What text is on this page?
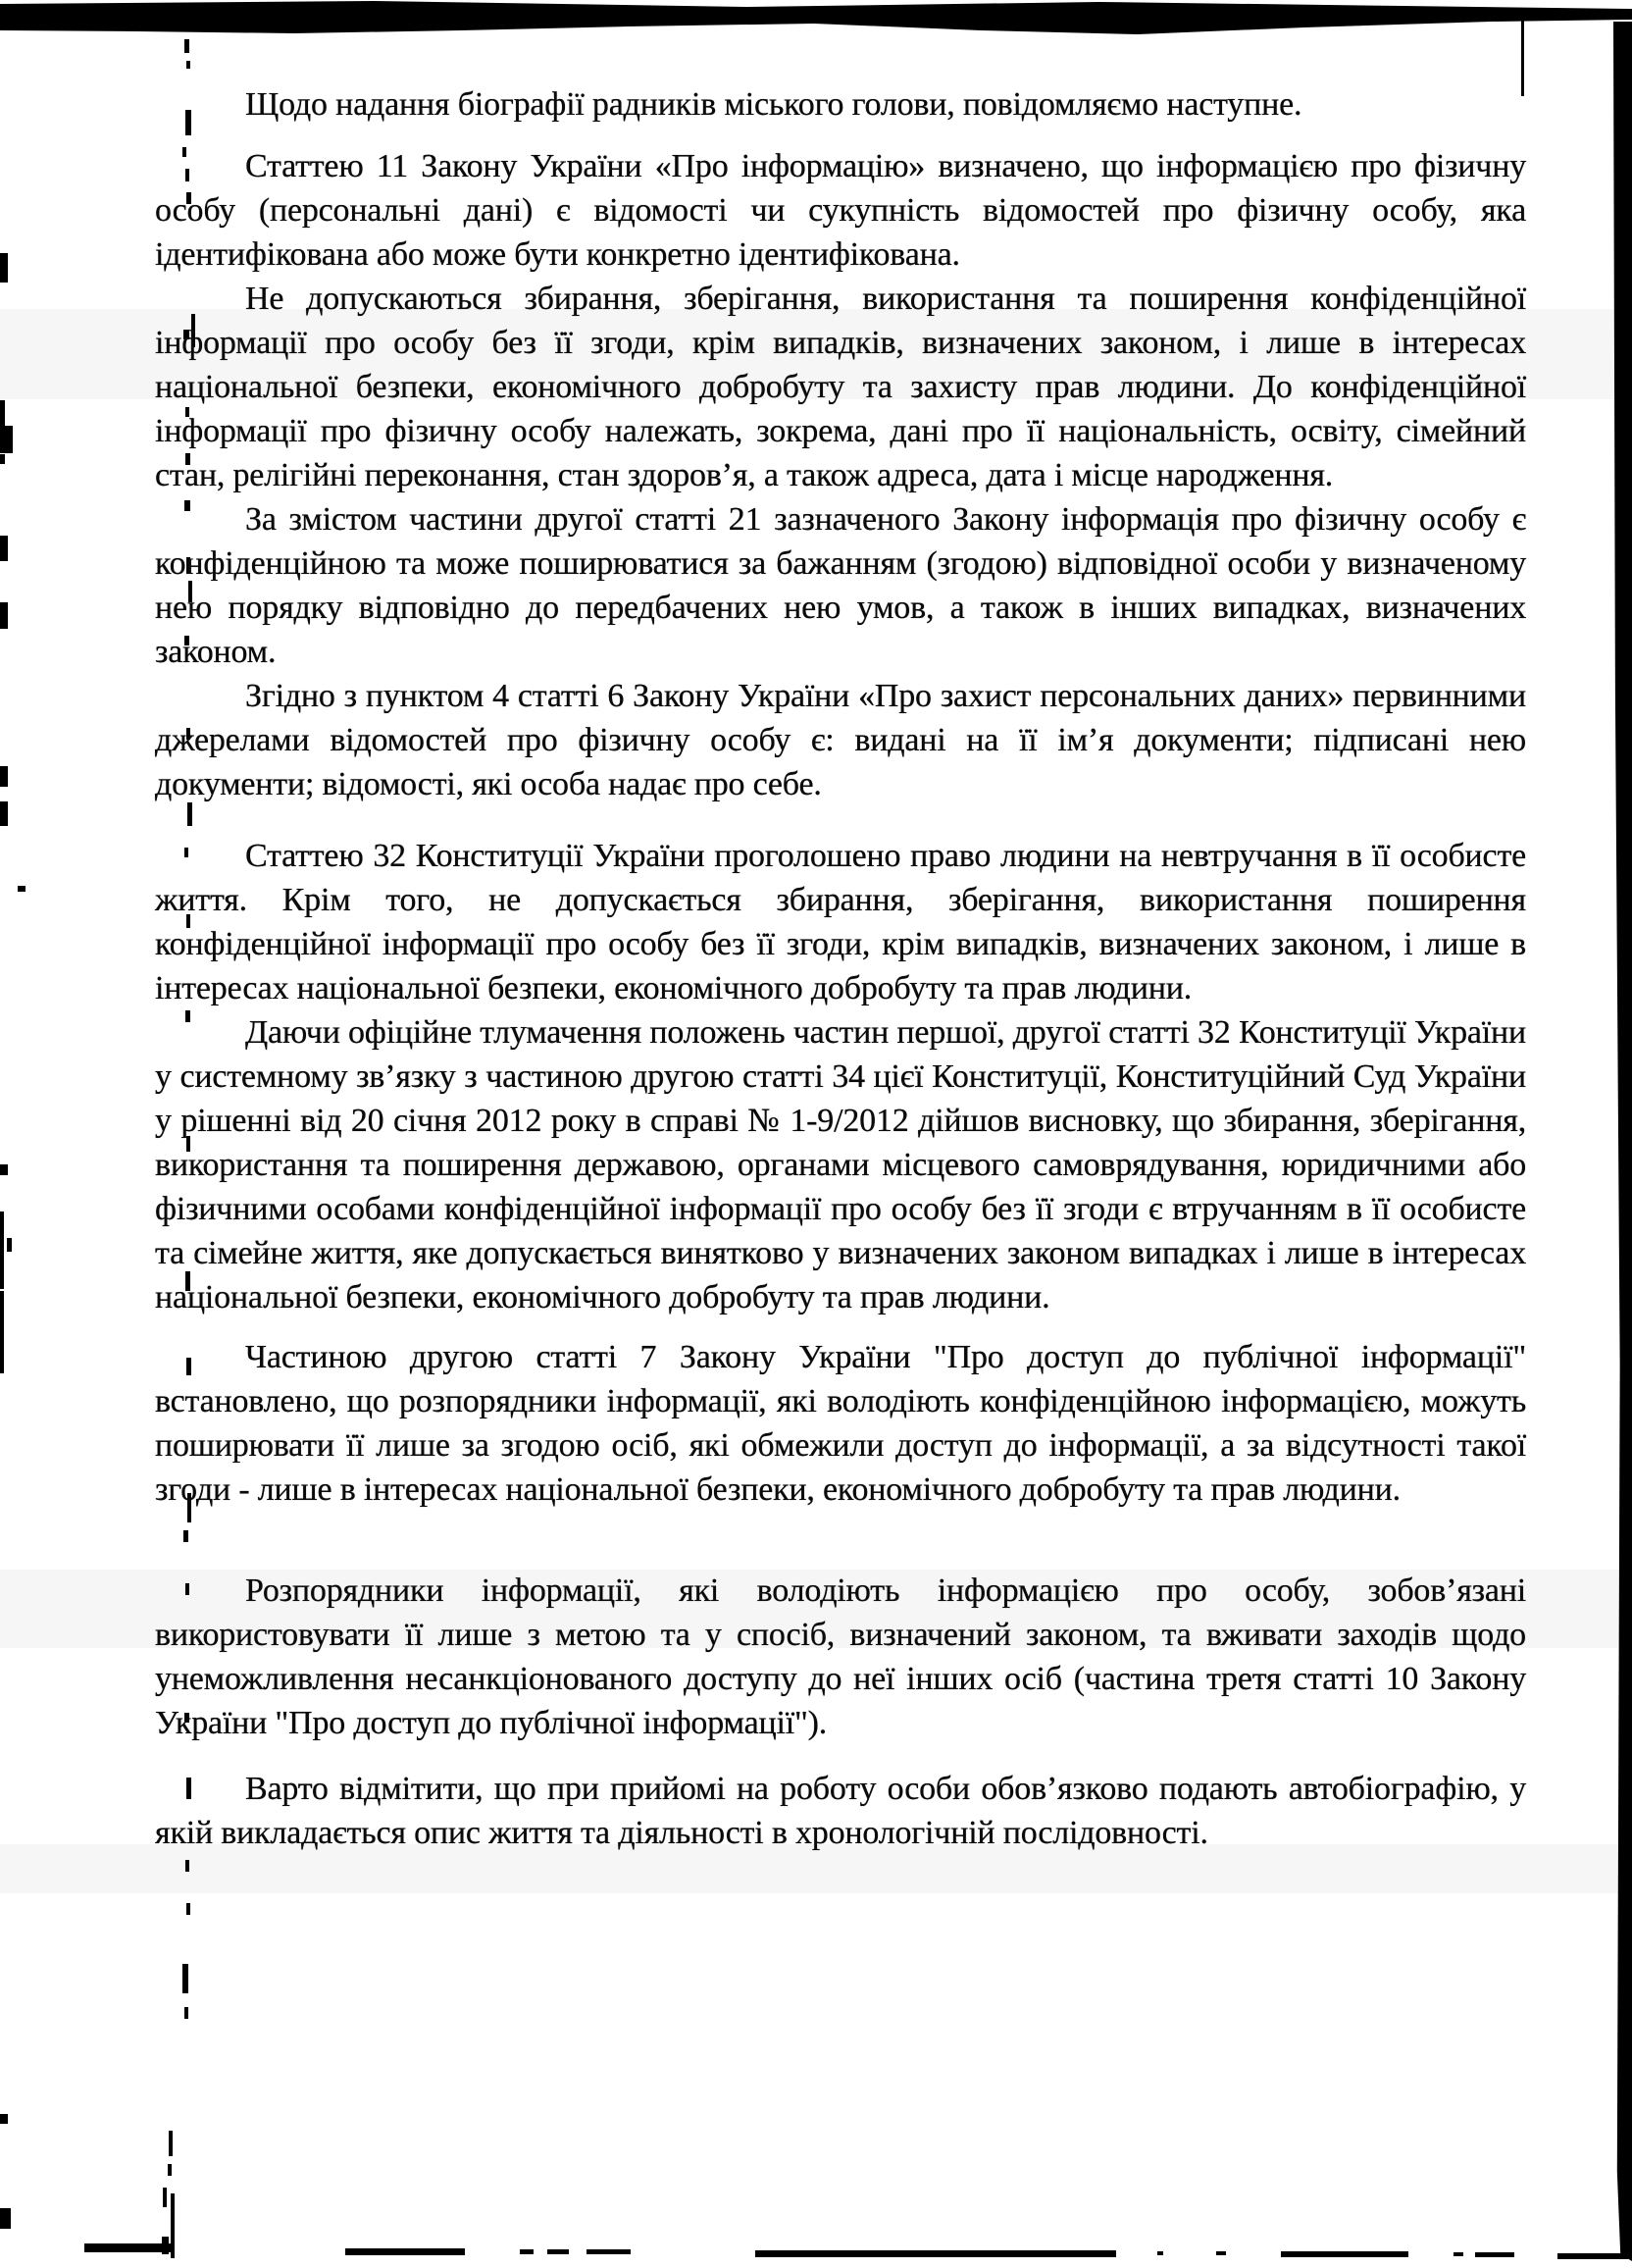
Щодо надання біографії радників міського голови, повідомляємо наступне.

Статтею 11 Закону України «Про інформацію» визначено, що інформацією про фізичну особу (персональні дані) є відомості чи сукупність відомостей про фізичну особу, яка ідентифікована або може бути конкретно ідентифікована.

Не допускаються збирання, зберігання, використання та поширення конфіденційної інформації про особу без її згоди, крім випадків, визначених законом, і лише в інтересах національної безпеки, економічного добробуту та захисту прав людини. До конфіденційної інформації про фізичну особу належать, зокрема, дані про її національність, освіту, сімейний стан, релігійні переконання, стан здоров’я, а також адреса, дата і місце народження.

За змістом частини другої статті 21 зазначеного Закону інформація про фізичну особу є конфіденційною та може поширюватися за бажанням (згодою) відповідної особи у визначеному нею порядку відповідно до передбачених нею умов, а також в інших випадках, визначених законом.

Згідно з пунктом 4 статті 6 Закону України «Про захист персональних даних» первинними джерелами відомостей про фізичну особу є: видані на її ім’я документи; підписані нею документи; відомості, які особа надає про себе.

Статтею 32 Конституції України проголошено право людини на невтручання в її особисте життя. Крім того, не допускається збирання, зберігання, використання поширення конфіденційної інформації про особу без її згоди, крім випадків, визначених законом, і лише в інтересах національної безпеки, економічного добробуту та прав людини.

Даючи офіційне тлумачення положень частин першої, другої статті 32 Конституції України у системному зв’язку з частиною другою статті 34 цієї Конституції, Конституційний Суд України у рішенні від 20 січня 2012 року в справі № 1-9/2012 дійшов висновку, що збирання, зберігання, використання та поширення державою, органами місцевого самоврядування, юридичними або фізичними особами конфіденційної інформації про особу без її згоди є втручанням в її особисте та сімейне життя, яке допускається винятково у визначених законом випадках і лише в інтересах національної безпеки, економічного добробуту та прав людини.

Частиною другою статті 7 Закону України "Про доступ до публічної інформації" встановлено, що розпорядники інформації, які володіють конфіденційною інформацією, можуть поширювати її лише за згодою осіб, які обмежили доступ до інформації, а за відсутності такої згоди - лише в інтересах національної безпеки, економічного добробуту та прав людини.

Розпорядники інформації, які володіють інформацією про особу, зобов’язані використовувати її лише з метою та у спосіб, визначений законом, та вживати заходів щодо унеможливлення несанкціонованого доступу до неї інших осіб (частина третя статті 10 Закону України "Про доступ до публічної інформації").

Варто відмітити, що при прийомі на роботу особи обов’язково подають автобіографію, у якій викладається опис життя та діяльності в хронологічній послідовності.
